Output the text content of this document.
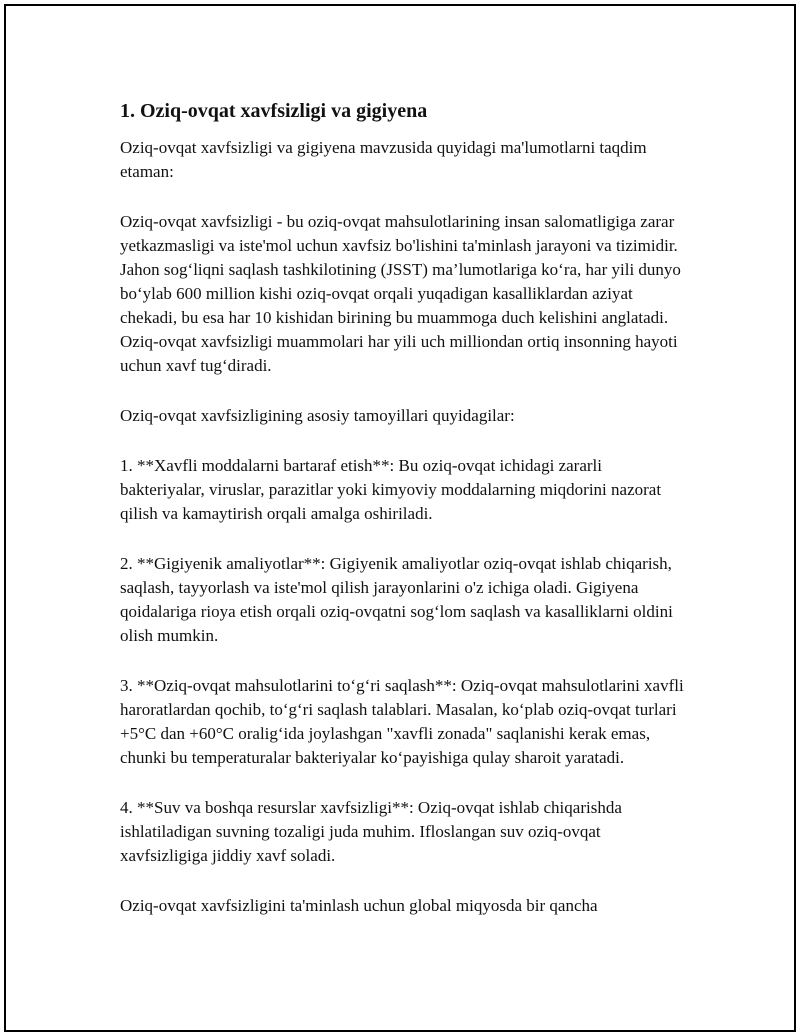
1. Oziq-ovqat xavfsizligi va gigiyena

Oziq-ovqat xavfsizligi va gigiyena mavzusida quyidagi ma'lumotlarni taqdim etaman:

Oziq-ovqat xavfsizligi - bu oziq-ovqat mahsulotlarining insan salomatligiga zarar yetkazmasligi va iste'mol uchun xavfsiz bo'lishini ta'minlash jarayoni va tizimidir. Jahon sog‘liqni saqlash tashkilotining (JSST) ma’lumotlariga ko‘ra, har yili dunyo bo‘ylab 600 million kishi oziq-ovqat orqali yuqadigan kasalliklardan aziyat chekadi, bu esa har 10 kishidan birining bu muammoga duch kelishini anglatadi. Oziq-ovqat xavfsizligi muammolari har yili uch milliondan ortiq insonning hayoti uchun xavf tug‘diradi.

Oziq-ovqat xavfsizligining asosiy tamoyillari quyidagilar:

1. **Xavfli moddalarni bartaraf etish**: Bu oziq-ovqat ichidagi zararli bakteriyalar, viruslar, parazitlar yoki kimyoviy moddalarning miqdorini nazorat qilish va kamaytirish orqali amalga oshiriladi.

2. **Gigiyenik amaliyotlar**: Gigiyenik amaliyotlar oziq-ovqat ishlab chiqarish, saqlash, tayyorlash va iste'mol qilish jarayonlarini o'z ichiga oladi. Gigiyena qoidalariga rioya etish orqali oziq-ovqatni sog‘lom saqlash va kasalliklarni oldini olish mumkin.

3. **Oziq-ovqat mahsulotlarini to‘g‘ri saqlash**: Oziq-ovqat mahsulotlarini xavfli haroratlardan qochib, to‘g‘ri saqlash talablari. Masalan, ko‘plab oziq-ovqat turlari +5°C dan +60°C oralig‘ida joylashgan "xavfli zonada" saqlanishi kerak emas, chunki bu temperaturalar bakteriyalar ko‘payishiga qulay sharoit yaratadi.

4. **Suv va boshqa resurslar xavfsizligi**: Oziq-ovqat ishlab chiqarishda ishlatiladigan suvning tozaligi juda muhim. Ifloslangan suv oziq-ovqat xavfsizligiga jiddiy xavf soladi.

Oziq-ovqat xavfsizligini ta'minlash uchun global miqyosda bir qancha
